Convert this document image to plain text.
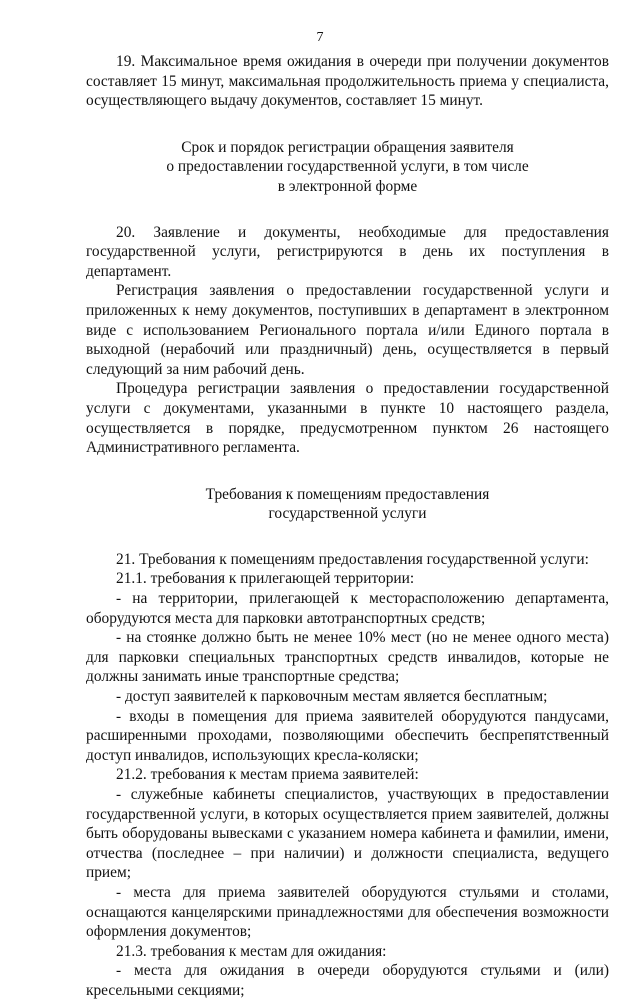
7

19. Максимальное время ожидания в очереди при получении документов составляет 15 минут, максимальная продолжительность приема у специалиста, осуществляющего выдачу документов, составляет 15 минут.

Срок и порядок регистрации обращения заявителя

о предоставлении государственной услуги, в том числе

в электронной форме

20. Заявление и документы, необходимые для предоставления государственной услуги, регистрируются в день их поступления в департамент.

Регистрация заявления о предоставлении государственной услуги и приложенных к нему документов, поступивших в департамент в электронном виде с использованием Регионального портала и/или Единого портала в выходной (нерабочий или праздничный) день, осуществляется в первый следующий за ним рабочий день.

Процедура регистрации заявления о предоставлении государственной услуги с документами, указанными в пункте 10 настоящего раздела, осуществляется в порядке, предусмотренном пунктом 26 настоящего Административного регламента.

Требования к помещениям предоставления

государственной услуги

21. Требования к помещениям предоставления государственной услуги:

21.1. требования к прилегающей территории:

- на территории, прилегающей к месторасположению департамента, оборудуются места для парковки автотранспортных средств;

- на стоянке должно быть не менее 10% мест (но не менее одного места) для парковки специальных транспортных средств инвалидов, которые не должны занимать иные транспортные средства;

- доступ заявителей к парковочным местам является бесплатным;

- входы в помещения для приема заявителей оборудуются пандусами, расширенными проходами, позволяющими обеспечить беспрепятственный доступ инвалидов, использующих кресла-коляски;

21.2. требования к местам приема заявителей:

- служебные кабинеты специалистов, участвующих в предоставлении государственной услуги, в которых осуществляется прием заявителей, должны быть оборудованы вывесками с указанием номера кабинета и фамилии, имени, отчества (последнее – при наличии) и должности специалиста, ведущего прием;

- места для приема заявителей оборудуются стульями и столами, оснащаются канцелярскими принадлежностями для обеспечения возможности оформления документов;

21.3. требования к местам для ожидания:

- места для ожидания в очереди оборудуются стульями и (или) кресельными секциями;
